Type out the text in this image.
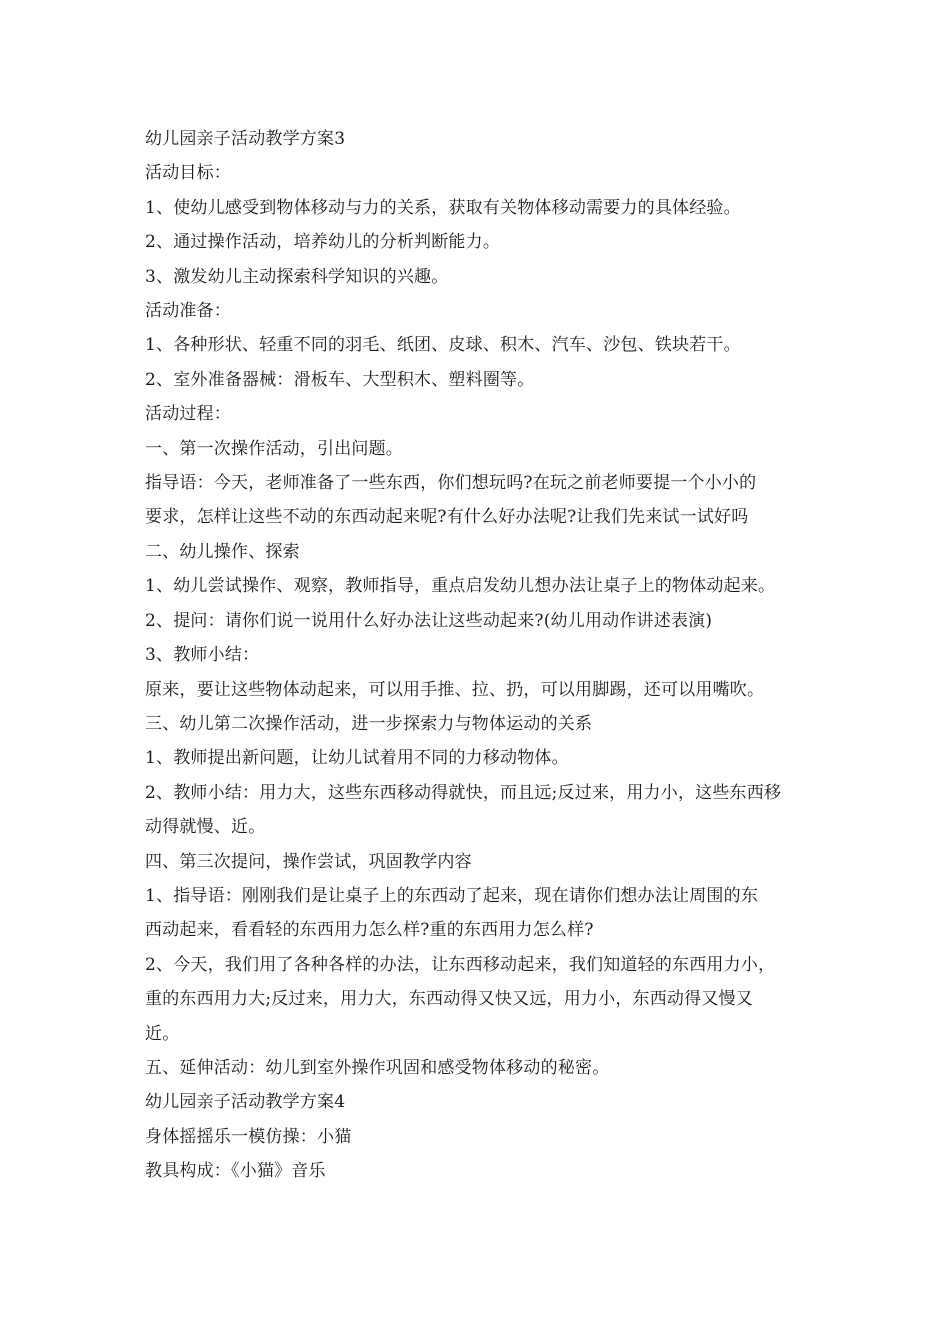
幼儿园亲子活动教学方案3
活动目标：
1、使幼儿感受到物体移动与力的关系，获取有关物体移动需要力的具体经验。
2、通过操作活动，培养幼儿的分析判断能力。
3、激发幼儿主动探索科学知识的兴趣。
活动准备：
1、各种形状、轻重不同的羽毛、纸团、皮球、积木、汽车、沙包、铁块若干。
2、室外准备器械：滑板车、大型积木、塑料圈等。
活动过程：
一、第一次操作活动，引出问题。
指导语：今天，老师准备了一些东西，你们想玩吗?在玩之前老师要提一个小小的
要求，怎样让这些不动的东西动起来呢?有什么好办法呢?让我们先来试一试好吗
二、幼儿操作、探索
1、幼儿尝试操作、观察，教师指导，重点启发幼儿想办法让桌子上的物体动起来。
2、提问：请你们说一说用什么好办法让这些动起来?(幼儿用动作讲述表演)
3、教师小结：
原来，要让这些物体动起来，可以用手推、拉、扔，可以用脚踢，还可以用嘴吹。
三、幼儿第二次操作活动，进一步探索力与物体运动的关系
1、教师提出新问题，让幼儿试着用不同的力移动物体。
2、教师小结：用力大，这些东西移动得就快，而且远;反过来，用力小，这些东西移
动得就慢、近。
四、第三次提问，操作尝试，巩固教学内容
1、指导语：刚刚我们是让桌子上的东西动了起来，现在请你们想办法让周围的东
西动起来，看看轻的东西用力怎么样?重的东西用力怎么样?
2、今天，我们用了各种各样的办法，让东西移动起来，我们知道轻的东西用力小，
重的东西用力大;反过来，用力大，东西动得又快又远，用力小，东西动得又慢又
近。
五、延伸活动：幼儿到室外操作巩固和感受物体移动的秘密。
幼儿园亲子活动教学方案4
身体摇摇乐一模仿操：小猫
教具构成：《小猫》音乐
